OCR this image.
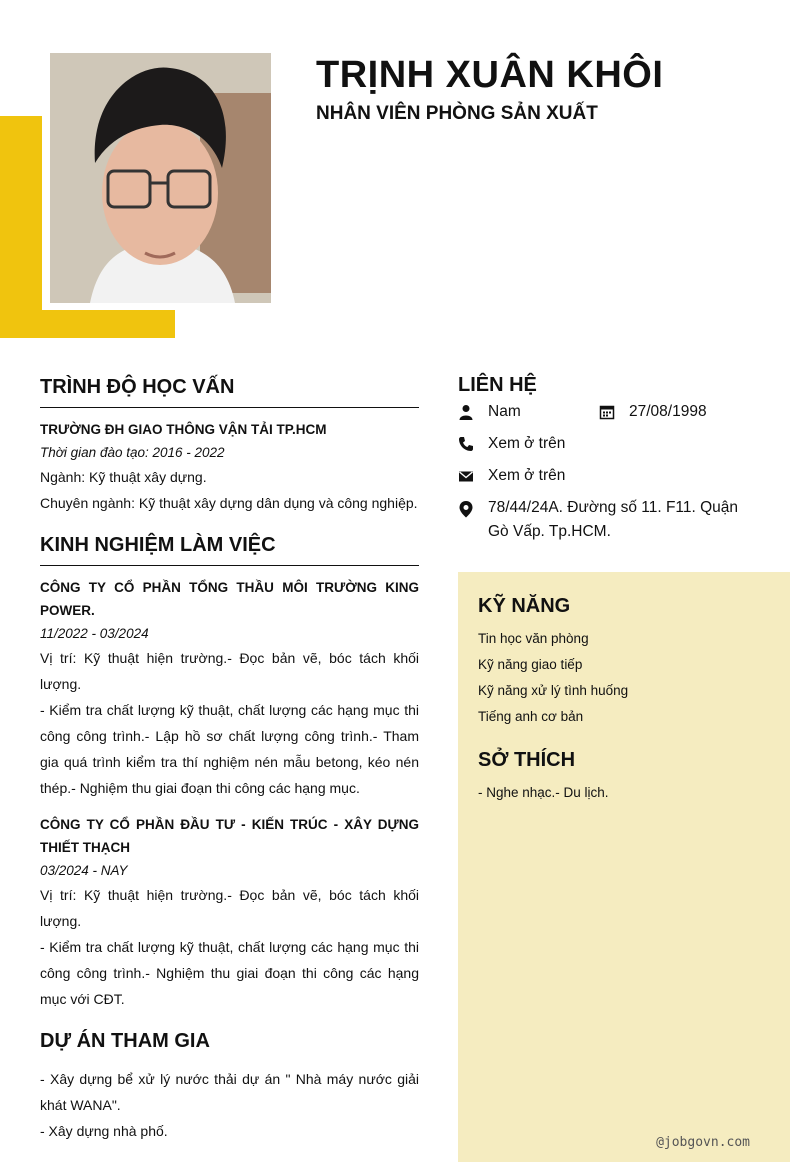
TRỊNH XUÂN KHÔI
NHÂN VIÊN PHÒNG SẢN XUẤT
TRÌNH ĐỘ HỌC VẤN

TRƯỜNG ĐH GIAO THÔNG VẬN TẢI TP.HCM

Thời gian đào tạo: 2016 - 2022

Ngành: Kỹ thuật xây dựng.

Chuyên ngành: Kỹ thuật xây dựng dân dụng và công nghiệp.

KINH NGHIỆM LÀM VIỆC

CÔNG TY CỔ PHẦN TỔNG THẦU MÔI TRƯỜNG KING POWER.

11/2022 - 03/2024

Vị trí: Kỹ thuật hiện trường.- Đọc bản vẽ, bóc tách khối lượng.

- Kiểm tra chất lượng kỹ thuật, chất lượng các hạng mục thi công công trình.- Lập hồ sơ chất lượng công trình.- Tham gia quá trình kiểm tra thí nghiệm nén mẫu betong, kéo nén thép.- Nghiệm thu giai đoạn thi công các hạng mục.

CÔNG TY CỔ PHẦN ĐẦU TƯ - KIẾN TRÚC - XÂY DỰNG THIẾT THẠCH

03/2024 - NAY

Vị trí: Kỹ thuật hiện trường.- Đọc bản vẽ, bóc tách khối lượng.

- Kiểm tra chất lượng kỹ thuật, chất lượng các hạng mục thi công công trình.- Nghiệm thu giai đoạn thi công các hạng mục với CĐT.

DỰ ÁN THAM GIA

- Xây dựng bể xử lý nước thải dự án " Nhà máy nước giải khát WANA".

- Xây dựng nhà phố.

LIÊN HỆ
Nam	27/08/1998
Xem ở trên
Xem ở trên
78/44/24A. Đường số 11. F11. Quận Gò Vấp. Tp.HCM.
KỸ NĂNG

Tin học văn phòng

Kỹ năng giao tiếp

Kỹ năng xử lý tình huống

Tiếng anh cơ bản

SỞ THÍCH

- Nghe nhạc.- Du lịch.

@jobgovn.com
